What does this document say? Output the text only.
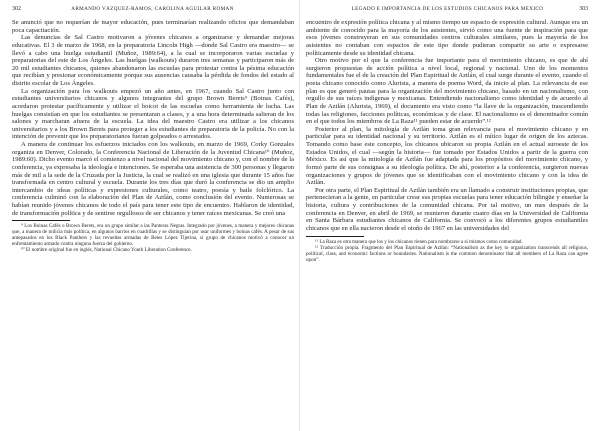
302	ARMANDO VÁZQUEZ-RAMOS, CAROLINA AGUILAR ROMÁN

Se anunció que no requerían de mayor educación, pues terminarían realizando oficios que demandaban poca capacitación.

Las denuncias de Sal Castro motivaron a jóvenes chicanos a organizarse y demandar mejoras educativas. El 3 de marzo de 1968, en la preparatoria Lincoln High —donde Sal Castro era maestro— se llevó a cabo una huelga estudiantil (Muñoz, 1989:64), a la cual se incorporaron varias escuelas y preparatorias del este de Los Ángeles. Las huelgas (walkouts) duraron tres semanas y participaron más de 20 mil estudiantes chicanos, quienes abandonaron las escuelas para protestar contra la pésima educación que recibían y presionar económicamente porque sus ausencias causaba la pérdida de fondos del estado al distrito escolar de Los Ángeles.

La organización para los walkouts empezó un año antes, en 1967, cuando Sal Castro junto con estudiantes universitarios chicanos y algunos integrantes del grupo Brown Berets⁹ (Boinas Cafés), acordaron protestar pacíficamente y utilizar el boicot de las escuelas como herramienta de lucha. Las huelgas consistían en que los estudiantes se presentaran a clases, y a una hora determinada salieran de los salones y marcharan afuera de la escuela. La idea del maestro Castro era utilizar a los chicanos universitarios y a los Brown Berets para proteger a los estudiantes de preparatoria de la policía. No con la intención de prevenir que los preparatorianos fueran golpeados o arrestados.

A manera de continuar los esfuerzos iniciados con los walkouts, en marzo de 1969, Corky Gonzales organiza en Denver, Colorado, la Conferencia Nacional de Liberación de la Juventud Chicana¹⁰ (Muñoz, 1989:60). Dicho evento marcó el comienzo a nivel nacional del movimiento chicano y, con el nombre de la conferencia, ya expresaba la ideología e intenciones. Se esperaba una asistencia de 300 personas y llegaron más de mil a la sede de la Cruzada por la Justicia, la cual se realizó en una iglesia que durante 15 años fue transformada en centro cultural y escuela. Durante los tres días que duró la conferencia se dio un amplio intercambio de ideas políticas y expresiones culturales, como teatro, poesía y baile folclórico. La conferencia culminó con la elaboración del Plan de Aztlán, como conclusión del evento. Numerosas se habían reunido jóvenes chicanos de todo el país para tener este tipo de encuentro. Hablaron de identidad, de transformación política y de sentirse orgullosos de ser chicanos y tener raíces mexicanas. Se creó una

⁹ Los Boinas Cafés o Brown Berets, era un grupo similar a las Panteras Negras. Integrado por jóvenes, a manera y mejores chicanas que, a manera de milicia más política, en algunos barrios en cuadrillas y se distinguían por usar uniformes y boinas cafés. A pesar de sus antepasados en los Black Panthers y las revueltas armadas de Reies López Tijerina, sí grupo de chicanos motivó a conocer un enfrentamiento armado contra ninguna fuerza del gobierno.

¹⁰ El nombre original fue en inglés, National Chicano Youth Liberation Conference.

LEGADO E IMPORTANCIA DE LOS ESTUDIOS CHICANOS PARA MÉXICO	303

encuentro de expresión política chicana y al mismo tiempo un espacio de expresión cultural. Aunque era un ambiente de conocido para la mayoría de los asistentes, sirvió como una fuente de inspiración para que esos jóvenes construyeran en sus comunidades centros culturales similares, pues la mayoría de los asistentes no contaban con espacios de este tipo donde pudieran compartir su arte o expresarse políticamente desde su identidad chicana.

Otro motivo por el que la conferencia fue importante para el movimiento chicano, es que de ahí surgieron propuestas de acción política a nivel local, regional y nacional. Uno de los momentos fundamentales fue el de la creación del Plan Espiritual de Aztlán, el cual surge durante el evento, cuando el poeta chicano conocido como Alurista, a manera de poema Word, da inicio al plan. La relevancia de ese plan es que generó pautas para la organización del movimiento chicano, basado en un nacionalismo, con orgullo de sus raíces indígenas y mexicanas. Entendiendo nacionalismo como identidad y de acuerdo al Plan de Aztlán (Alurista, 1969), el documento era visto como “la llave de la organización, trascendiendo todas las religiones, facciones políticas, económicas y de clase. El nacionalismo es el denominador común en el que todos los miembros de La Raza¹¹ pueden estar de acuerdo”.¹²

Posterior al plan, la mitología de Aztlán toma gran relevancia para el movimiento chicano y en particular para su identidad nacional y su territorio. Aztlán es el mítico lugar de origen de los aztecas. Tomando como base este concepto, los chicanos ubicaron su propia Aztlán en el actual suroeste de los Estados Unidos, el cual —según la historia— fue tomado por Estados Unidos a partir de la guerra con México. Es así que la mitología de Aztlán fue adaptada para los propósitos del movimiento chicano, y formó parte de sus consignas a su ideología política. De ahí, posterior a la conferencia, surgieron nuevas organizaciones y grupos de jóvenes que se identificaban con el movimiento chicano y con la idea de Aztlán.

Por otra parte, el Plan Espiritual de Aztlán también era un llamado a construir instituciones propias, que pertenecieran a la gente, en particular crear sus propias escuelas para tener educación bilingüe y enseñar la historia, cultura y contribuciones de la comunidad chicana. Por tal motivo, un mes después de la conferencia en Denver, en abril de 1969, se reunieron durante cuatro días en la Universidad de California en Santa Bárbara estudiantes chicanos de California. Se convocó a los diferentes grupos estudiantiles chicanos que en ella nacieron desde el otoño de 1967 en las universidades del

¹¹ La Raza es otra manera que los y los chicanos tienen para nombrarse a sí mismos como comunidad.

¹² Traducción propia. Fragmento del Plan Espiritual de Aztlán: “Nationalism as the key to organization transcends all religious, political, class, and economic factions or boundaries. Nationalism is the common denominator that all members of La Raza can agree upon”.
